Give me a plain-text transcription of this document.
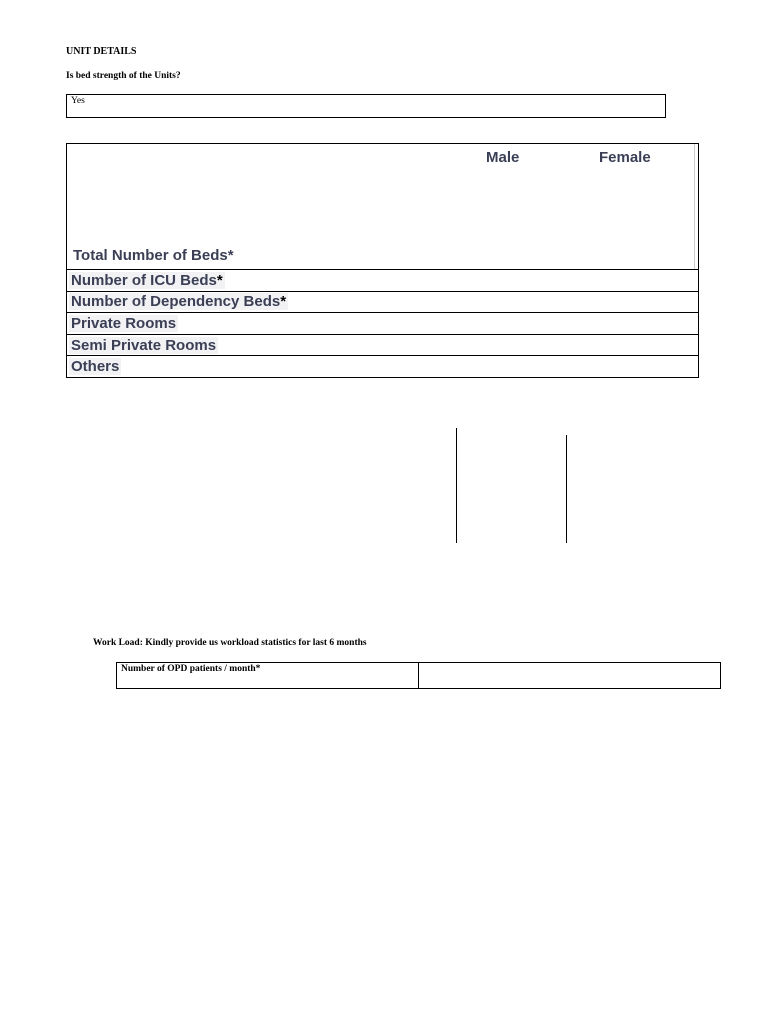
UNIT DETAILS
Is bed strength of the Units?
Yes
Male	Female
Total Number of Beds*
Number of ICU Beds*
Number of Dependency Beds*
Private Rooms
Semi Private Rooms
Others
Work Load: Kindly provide us workload statistics for last 6 months
Number of OPD patients / month*
